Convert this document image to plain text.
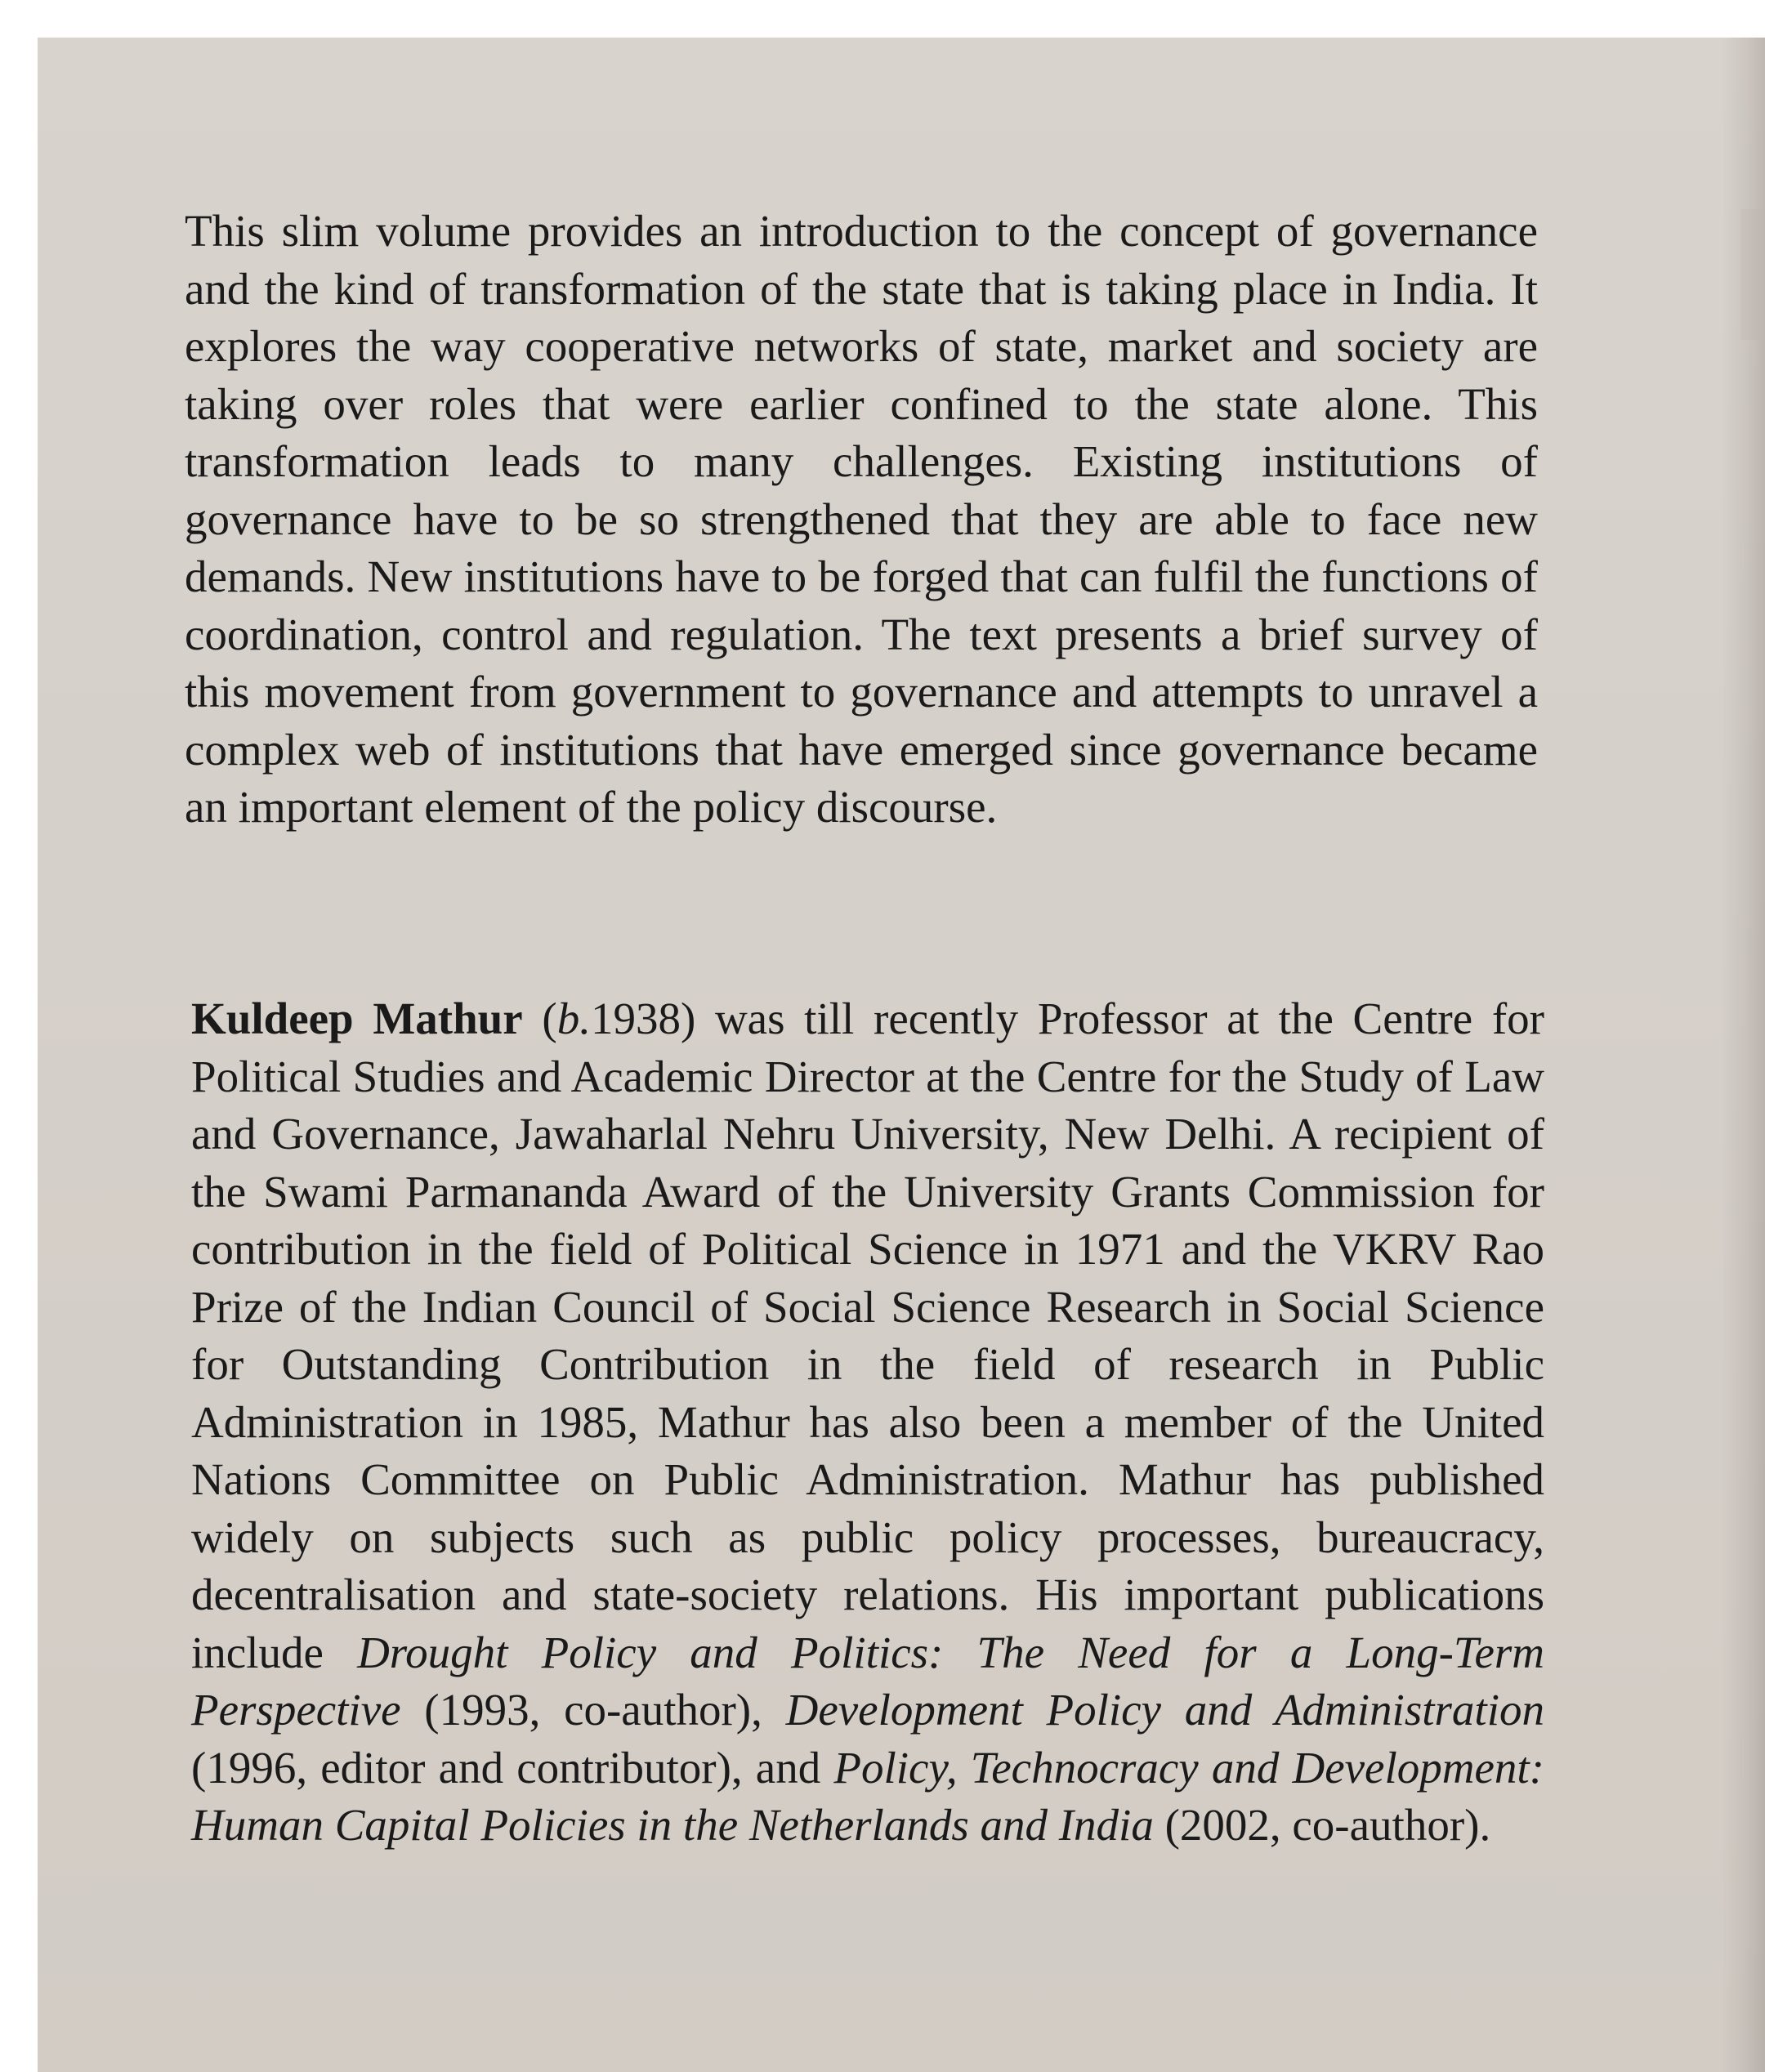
This slim volume provides an introduction to the concept of governance and the kind of transformation of the state that is taking place in India. It explores the way cooperative networks of state, market and society are taking over roles that were earlier confined to the state alone. This transformation leads to many challenges. Existing institutions of governance have to be so strengthened that they are able to face new demands. New institutions have to be forged that can fulfil the functions of coordination, control and regulation. The text presents a brief survey of this movement from government to governance and attempts to unravel a complex web of institutions that have emerged since governance became an important element of the policy discourse.

Kuldeep Mathur (b.1938) was till recently Professor at the Centre for Political Studies and Academic Director at the Centre for the Study of Law and Governance, Jawaharlal Nehru University, New Delhi. A recipient of the Swami Parmananda Award of the University Grants Commission for contribution in the field of Political Science in 1971 and the VKRV Rao Prize of the Indian Council of Social Science Research in Social Science for Outstanding Contribution in the field of research in Public Administration in 1985, Mathur has also been a member of the United Nations Committee on Public Administration. Mathur has published widely on subjects such as public policy processes, bureaucracy, decentralisation and state-society relations. His important publications include Drought Policy and Politics: The Need for a Long-Term Perspective (1993, co-author), Development Policy and Administration (1996, editor and contributor), and Policy, Technocracy and Development: Human Capital Policies in the Netherlands and India (2002, co-author).
